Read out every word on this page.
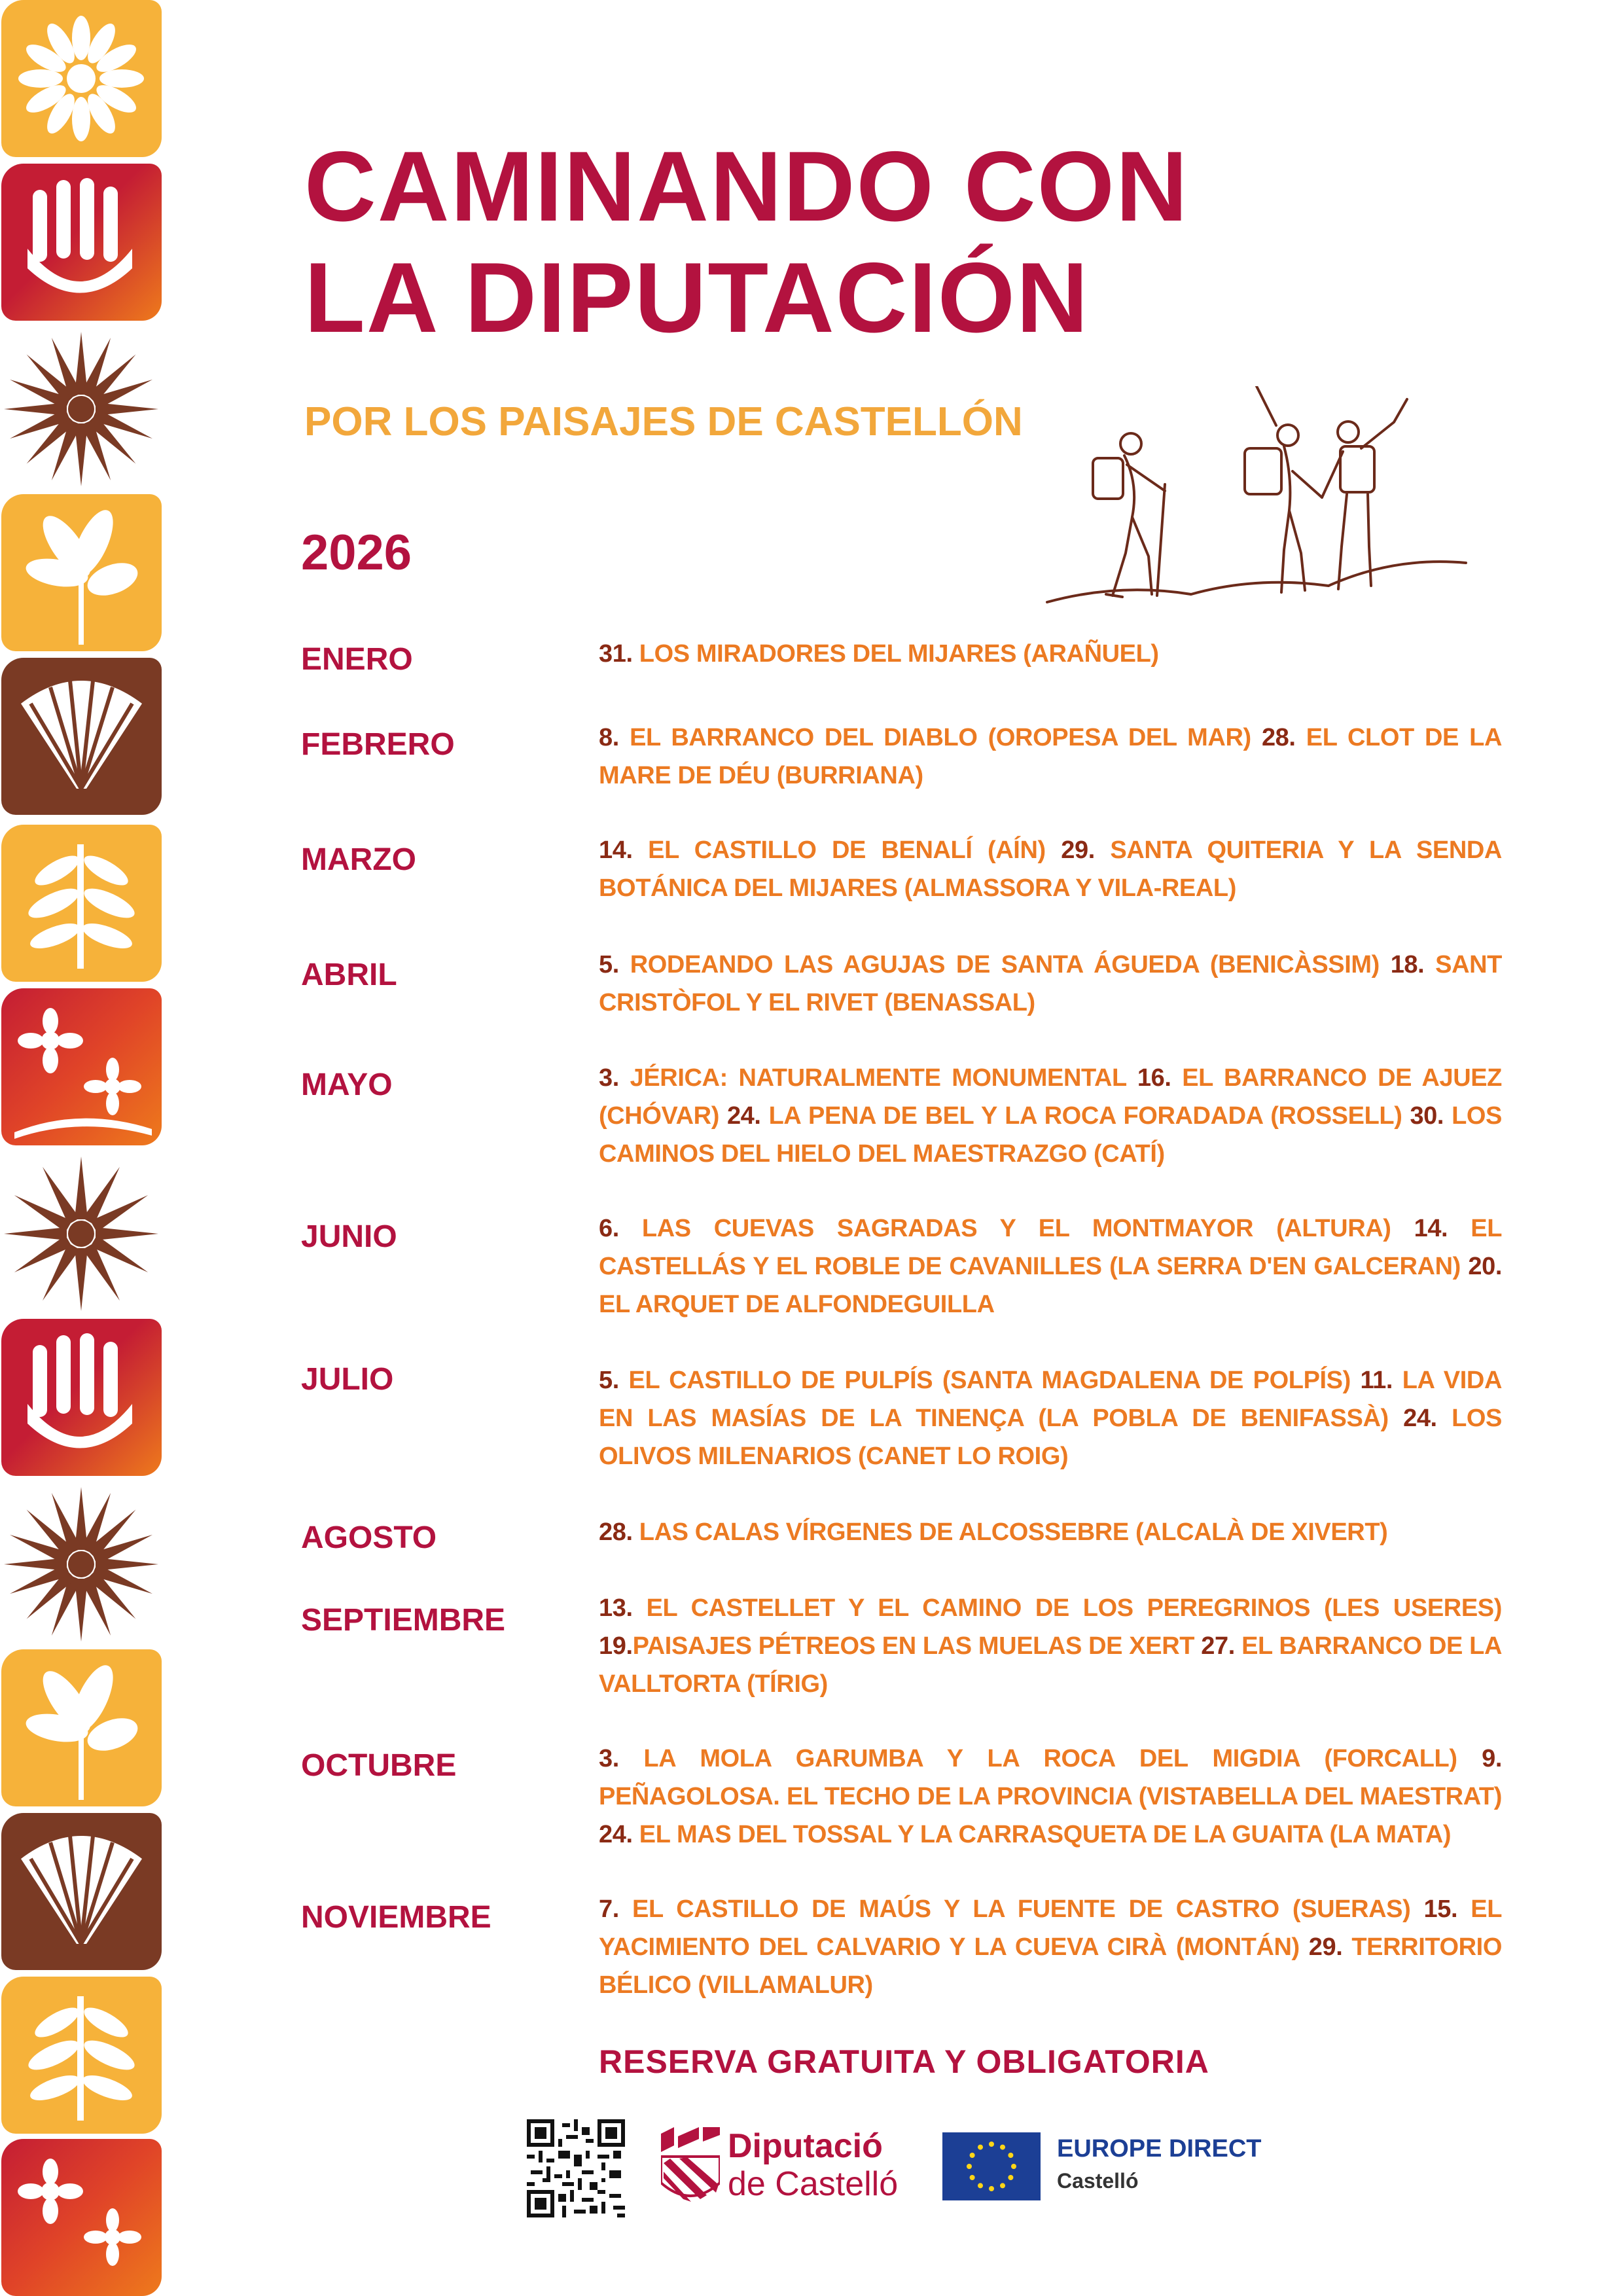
CAMINANDO CON
LA DIPUTACIÓN

POR LOS PAISAJES DE CASTELLÓN

2026

ENERO	31. LOS MIRADORES DEL MIJARES (ARAÑUEL)

FEBRERO	8. EL BARRANCO DEL DIABLO (OROPESA DEL MAR) 28. EL CLOT DE LA MARE DE DÉU (BURRIANA)

MARZO	14. EL CASTILLO DE BENALÍ (AÍN) 29. SANTA QUITERIA Y LA SENDA BOTÁNICA DEL MIJARES (ALMASSORA Y VILA-REAL)

ABRIL	5. RODEANDO LAS AGUJAS DE SANTA ÁGUEDA (BENICÀSSIM) 18. SANT CRISTÒFOL Y EL RIVET (BENASSAL)

MAYO	3. JÉRICA: NATURALMENTE MONUMENTAL 16. EL BARRANCO DE AJUEZ (CHÓVAR) 24. LA PENA DE BEL Y LA ROCA FORADADA (ROSSELL) 30. LOS CAMINOS DEL HIELO DEL MAESTRAZGO (CATÍ)

JUNIO	6. LAS CUEVAS SAGRADAS Y EL MONTMAYOR (ALTURA) 14. EL CASTELLÁS Y EL ROBLE DE CAVANILLES (LA SERRA D'EN GALCERAN) 20. EL ARQUET DE ALFONDEGUILLA

JULIO	5. EL CASTILLO DE PULPÍS (SANTA MAGDALENA DE POLPÍS) 11. LA VIDA EN LAS MASÍAS DE LA TINENÇA (LA POBLA DE BENIFASSÀ) 24. LOS OLIVOS MILENARIOS (CANET LO ROIG)

AGOSTO	28. LAS CALAS VÍRGENES DE ALCOSSEBRE (ALCALÀ DE XIVERT)

SEPTIEMBRE	13. EL CASTELLET Y EL CAMINO DE LOS PEREGRINOS (LES USERES) 19.PAISAJES PÉTREOS EN LAS MUELAS DE XERT 27. EL BARRANCO DE LA VALLTORTA (TÍRIG)

OCTUBRE	3. LA MOLA GARUMBA Y LA ROCA DEL MIGDIA (FORCALL) 9. PEÑAGOLOSA. EL TECHO DE LA PROVINCIA (VISTABELLA DEL MAESTRAT) 24. EL MAS DEL TOSSAL Y LA CARRASQUETA DE LA GUAITA (LA MATA)

NOVIEMBRE	7. EL CASTILLO DE MAÚS Y LA FUENTE DE CASTRO (SUERAS) 15. EL YACIMIENTO DEL CALVARIO Y LA CUEVA CIRÀ (MONTÁN) 29. TERRITORIO BÉLICO (VILLAMALUR)

RESERVA GRATUITA Y OBLIGATORIA

Diputació
de Castelló
EUROPE DIRECT
Castelló
